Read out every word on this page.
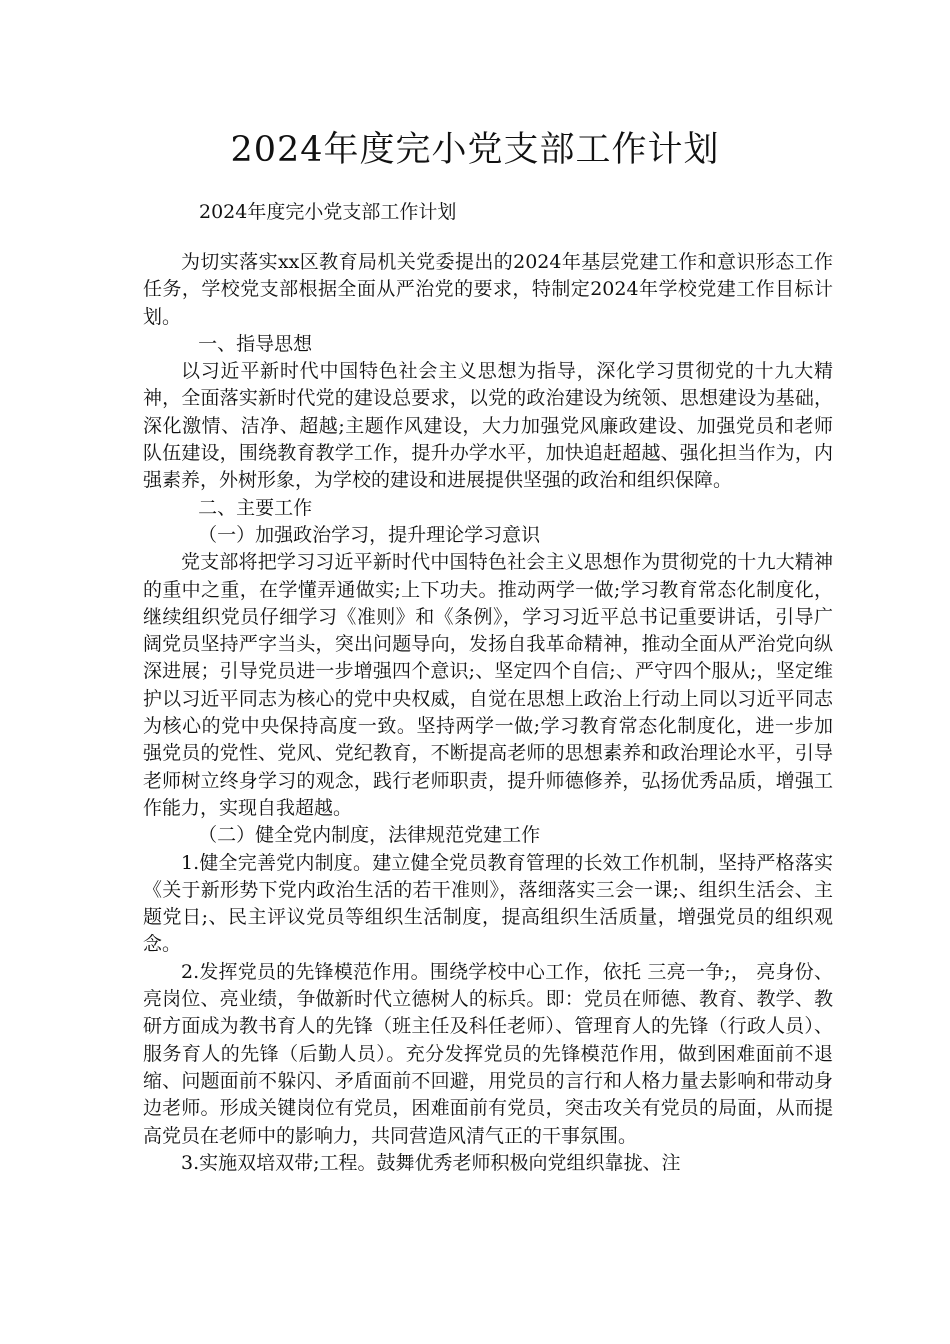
2024年度完小党支部工作计划
2024年度完小党支部工作计划

为切实落实xx区教育局机关党委提出的2024年基层党建工作和意识形态工作任务，学校党支部根据全面从严治党的要求，特制定2024年学校党建工作目标计划。

一、指导思想

以习近平新时代中国特色社会主义思想为指导，深化学习贯彻党的十九大精神，全面落实新时代党的建设总要求，以党的政治建设为统领、思想建设为基础，深化激情、洁净、超越;主题作风建设，大力加强党风廉政建设、加强党员和老师队伍建设，围绕教育教学工作，提升办学水平，加快追赶超越、强化担当作为，内强素养，外树形象，为学校的建设和进展提供坚强的政治和组织保障。

二、主要工作

（一）加强政治学习，提升理论学习意识

党支部将把学习习近平新时代中国特色社会主义思想作为贯彻党的十九大精神的重中之重，在学懂弄通做实;上下功夫。推动两学一做;学习教育常态化制度化，继续组织党员仔细学习《准则》和《条例》，学习习近平总书记重要讲话，引导广阔党员坚持严字当头，突出问题导向，发扬自我革命精神，推动全面从严治党向纵深进展；引导党员进一步增强四个意识;、坚定四个自信;、严守四个服从;，坚定维护以习近平同志为核心的党中央权威，自觉在思想上政治上行动上同以习近平同志为核心的党中央保持高度一致。坚持两学一做;学习教育常态化制度化，进一步加强党员的党性、党风、党纪教育，不断提高老师的思想素养和政治理论水平，引导老师树立终身学习的观念，践行老师职责，提升师德修养，弘扬优秀品质，增强工作能力，实现自我超越。

（二）健全党内制度，法律规范党建工作

1.健全完善党内制度。建立健全党员教育管理的长效工作机制，坚持严格落实《关于新形势下党内政治生活的若干准则》，落细落实三会一课;、组织生活会、主题党日;、民主评议党员等组织生活制度，提高组织生活质量，增强党员的组织观念。

2.发挥党员的先锋模范作用。围绕学校中心工作，依托 三亮一争;， 亮身份、亮岗位、亮业绩，争做新时代立德树人的标兵。即：党员在师德、教育、教学、教研方面成为教书育人的先锋（班主任及科任老师）、管理育人的先锋（行政人员）、服务育人的先锋（后勤人员）。充分发挥党员的先锋模范作用，做到困难面前不退缩、问题面前不躲闪、矛盾面前不回避，用党员的言行和人格力量去影响和带动身边老师。形成关键岗位有党员，困难面前有党员，突击攻关有党员的局面，从而提高党员在老师中的影响力，共同营造风清气正的干事氛围。

3.实施双培双带;工程。鼓舞优秀老师积极向党组织靠拢、注
